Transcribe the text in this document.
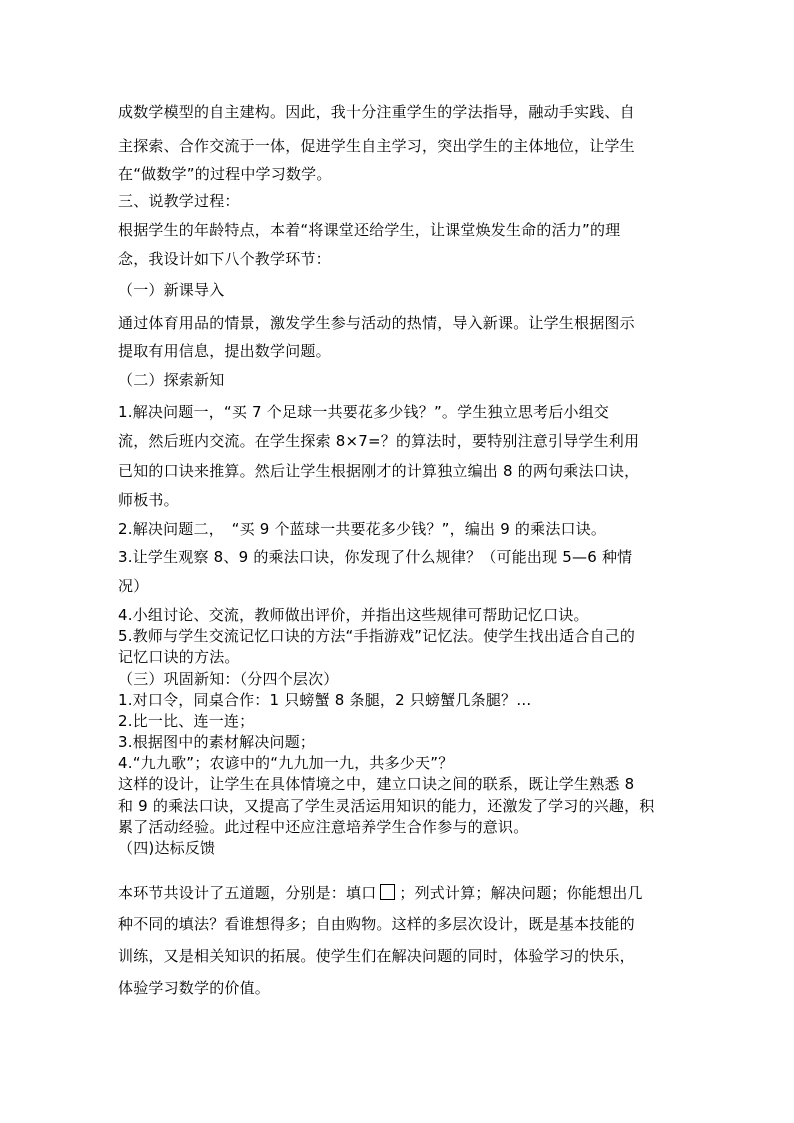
成数学模型的自主建构。因此，我十分注重学生的学法指导，融动手实践、自

主探索、合作交流于一体，促进学生自主学习，突出学生的主体地位，让学生

在“做数学”的过程中学习数学。

三、说教学过程：

根据学生的年龄特点，本着“将课堂还给学生，让课堂焕发生命的活力”的理

念，我设计如下八个教学环节：

（一）新课导入

通过体育用品的情景，激发学生参与活动的热情，导入新课。让学生根据图示

提取有用信息，提出数学问题。

（二）探索新知

1.解决问题一，“买 7 个足球一共要花多少钱？”。学生独立思考后小组交

流，然后班内交流。在学生探索 8×7=？的算法时，要特别注意引导学生利用

已知的口诀来推算。然后让学生根据刚才的计算独立编出 8 的两句乘法口诀，

师板书。

2.解决问题二，　“买 9 个蓝球一共要花多少钱？”，编出 9 的乘法口诀。

3.让学生观察 8、9 的乘法口诀，你发现了什么规律？（可能出现 5—6 种情

况）

4.小组讨论、交流，教师做出评价，并指出这些规律可帮助记忆口诀。

5.教师与学生交流记忆口诀的方法“手指游戏”记忆法。使学生找出适合自己的

记忆口诀的方法。

（三）巩固新知：（分四个层次）

1.对口令，同桌合作：1 只螃蟹 8 条腿，2 只螃蟹几条腿？…

2.比一比、连一连；

3.根据图中的素材解决问题；

4.“九九歌”；农谚中的“九九加一九，共多少天”？

这样的设计，让学生在具体情境之中，建立口诀之间的联系，既让学生熟悉 8

和 9 的乘法口诀，又提高了学生灵活运用知识的能力，还激发了学习的兴趣，积

累了活动经验。此过程中还应注意培养学生合作参与的意识。

（四)达标反馈

本环节共设计了五道题，分别是：填口 ；列式计算；解决问题；你能想出几

种不同的填法？看谁想得多；自由购物。这样的多层次设计，既是基本技能的

训练，又是相关知识的拓展。使学生们在解决问题的同时，体验学习的快乐，

体验学习数学的价值。
